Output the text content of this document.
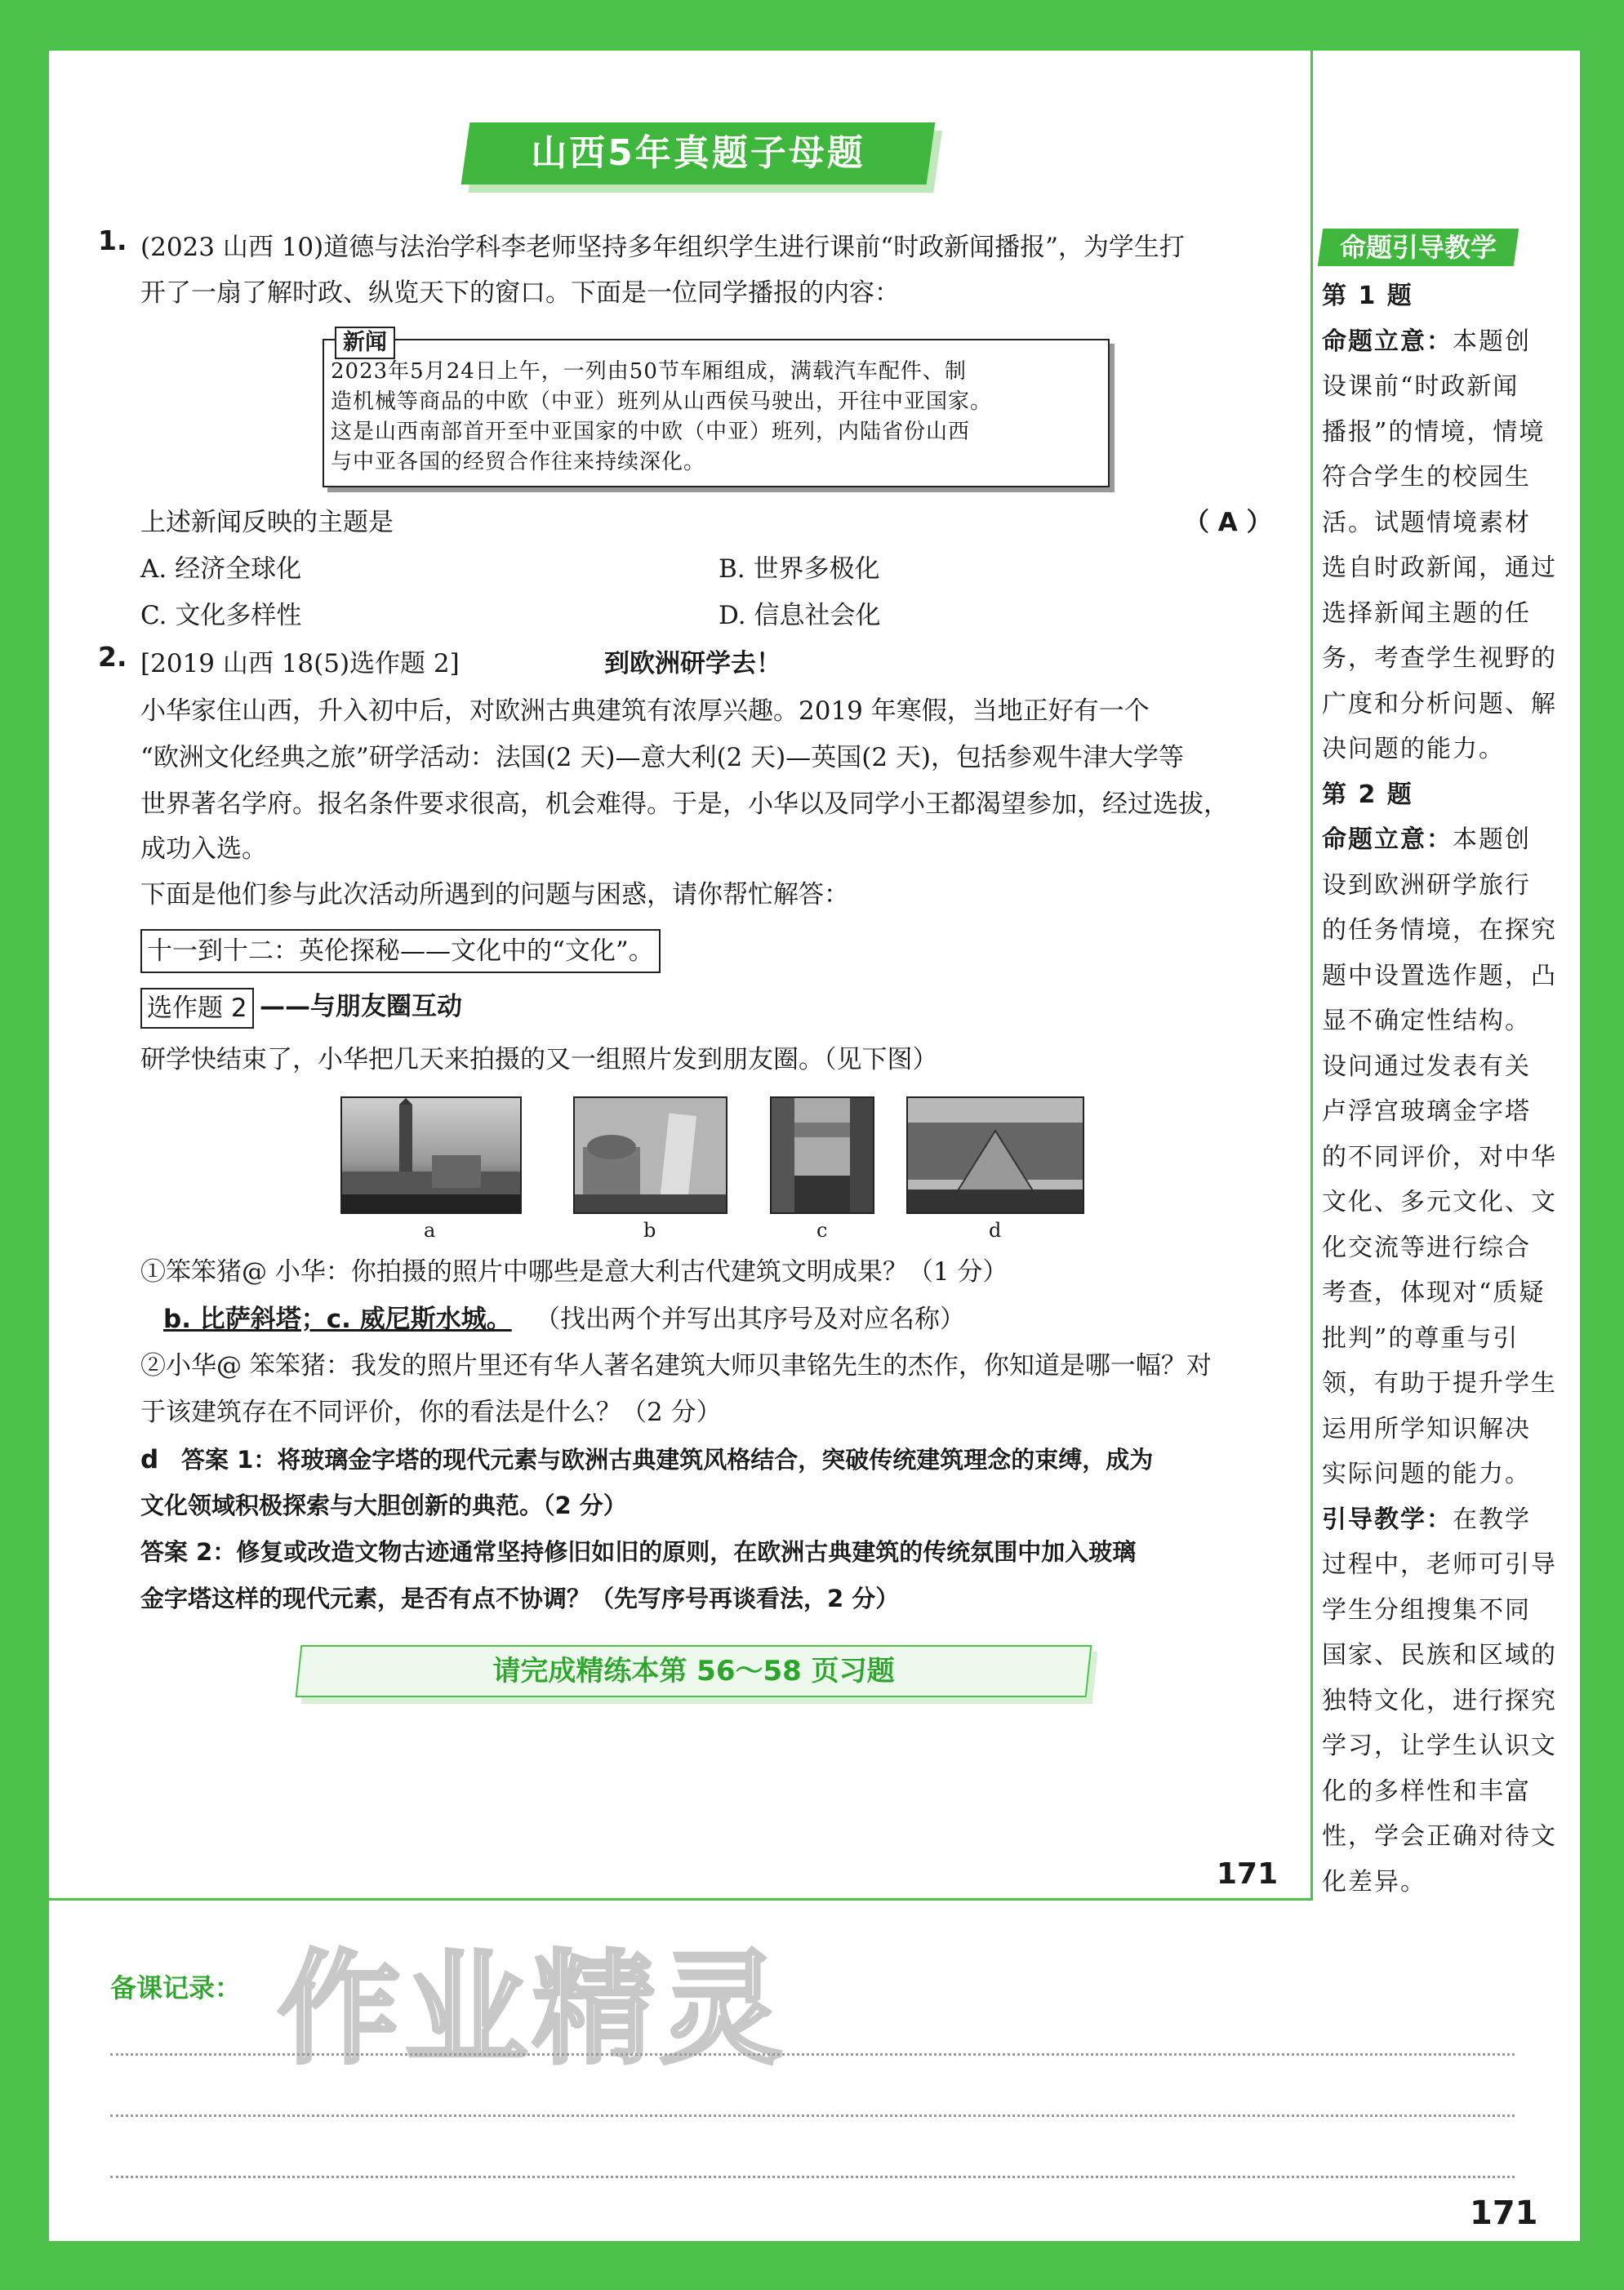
山西5年真题子母题
1. (2023 山西 10)道德与法治学科李老师坚持多年组织学生进行课前“时政新闻播报”，为学生打
开了一扇了解时政、纵览天下的窗口。下面是一位同学播报的内容：
新闻
2023年5月24日上午，一列由50节车厢组成，满载汽车配件、制
造机械等商品的中欧（中亚）班列从山西侯马驶出，开往中亚国家。
这是山西南部首开至中亚国家的中欧（中亚）班列，内陆省份山西
与中亚各国的经贸合作往来持续深化。
上述新闻反映的主题是	（ A ）
A. 经济全球化	B. 世界多极化
C. 文化多样性	D. 信息社会化
2. [2019 山西 18(5)选作题 2]	到欧洲研学去！
小华家住山西，升入初中后，对欧洲古典建筑有浓厚兴趣。2019 年寒假，当地正好有一个
“欧洲文化经典之旅”研学活动：法国(2 天)—意大利(2 天)—英国(2 天)，包括参观牛津大学等
世界著名学府。报名条件要求很高，机会难得。于是，小华以及同学小王都渴望参加，经过选拔，
成功入选。
下面是他们参与此次活动所遇到的问题与困惑，请你帮忙解答：
十一到十二：英伦探秘——文化中的“文化”。
选作题 2 ——与朋友圈互动
研学快结束了，小华把几天来拍摄的又一组照片发到朋友圈。（见下图）
a	b	c	d
①笨笨猪@ 小华：你拍摄的照片中哪些是意大利古代建筑文明成果？（1 分）
b. 比萨斜塔；c. 威尼斯水城。 （找出两个并写出其序号及对应名称）
②小华@ 笨笨猪：我发的照片里还有华人著名建筑大师贝聿铭先生的杰作，你知道是哪一幅？对
于该建筑存在不同评价，你的看法是什么？（2 分）
d 答案 1：将玻璃金字塔的现代元素与欧洲古典建筑风格结合，突破传统建筑理念的束缚，成为
文化领域积极探索与大胆创新的典范。（2 分）
答案 2：修复或改造文物古迹通常坚持修旧如旧的原则，在欧洲古典建筑的传统氛围中加入玻璃
金字塔这样的现代元素，是否有点不协调？（先写序号再谈看法，2 分）
请完成精练本第 56～58 页习题
171
命题引导教学
第 1 题
命题立意：本题创
设课前“时政新闻
播报”的情境，情境
符合学生的校园生
活。试题情境素材
选自时政新闻，通过
选择新闻主题的任
务，考查学生视野的
广度和分析问题、解
决问题的能力。
第 2 题
命题立意：本题创
设到欧洲研学旅行
的任务情境，在探究
题中设置选作题，凸
显不确定性结构。
设问通过发表有关
卢浮宫玻璃金字塔
的不同评价，对中华
文化、多元文化、文
化交流等进行综合
考查，体现对“质疑
批判”的尊重与引
领，有助于提升学生
运用所学知识解决
实际问题的能力。
引导教学：在教学
过程中，老师可引导
学生分组搜集不同
国家、民族和区域的
独特文化，进行探究
学习，让学生认识文
化的多样性和丰富
性，学会正确对待文
化差异。
备课记录： 作业精灵
171
